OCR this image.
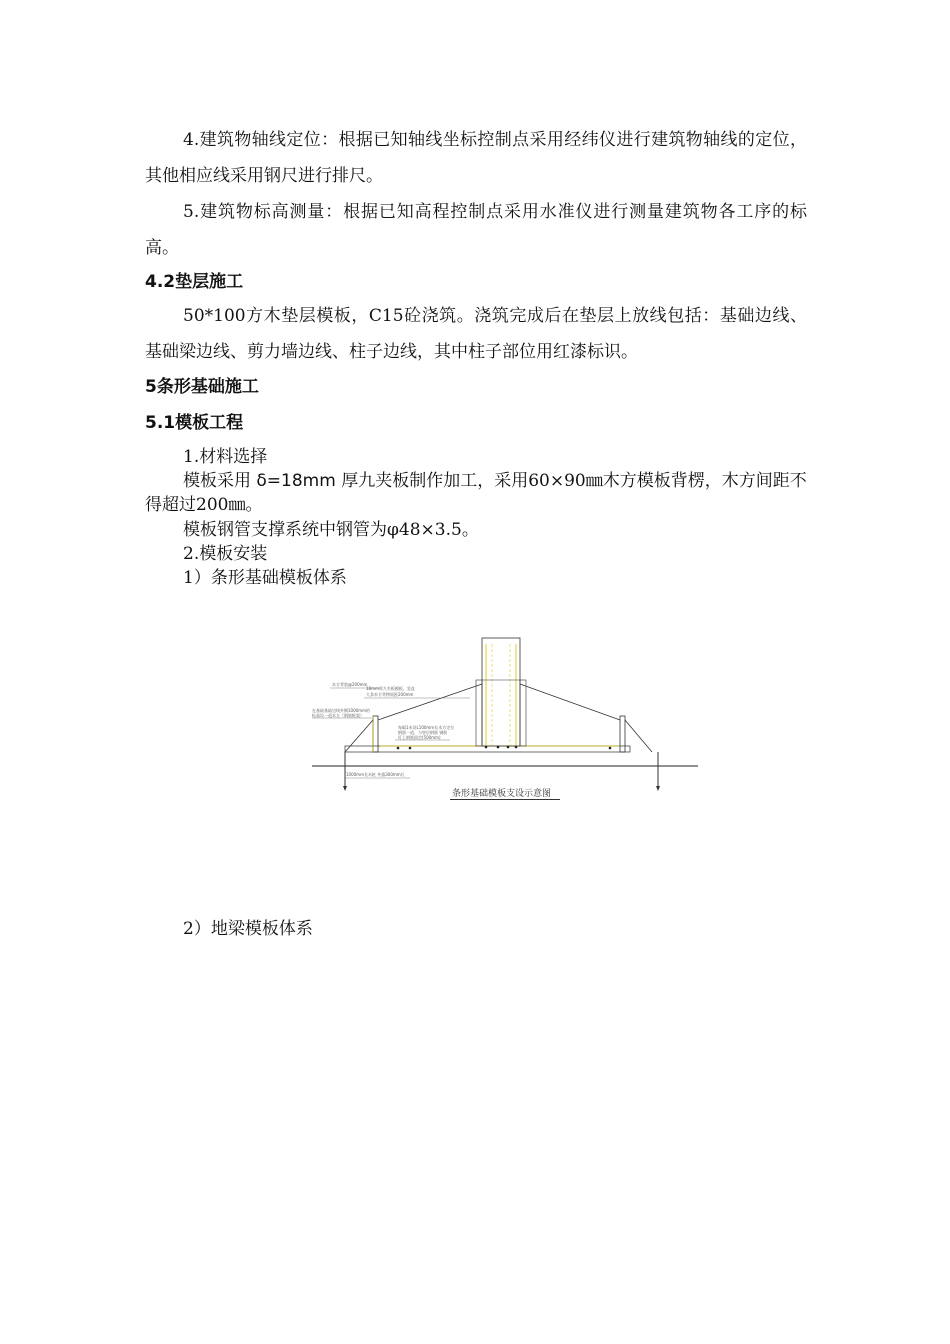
4.建筑物轴线定位：根据已知轴线坐标控制点采用经纬仪进行建筑物轴线的定位，其他相应线采用钢尺进行排尺。

5.建筑物标高测量：根据已知高程控制点采用水准仪进行测量建筑物各工序的标高。

4.2垫层施工

50*100方木垫层模板，C15砼浇筑。浇筑完成后在垫层上放线包括：基础边线、基础梁边线、剪力墙边线、柱子边线，其中柱子部位用红漆标识。

5条形基础施工
5.1模板工程

1.材料选择

模板采用 δ=18mm 厚九夹板制作加工，采用60×90㎜木方模板背楞，木方间距不得超过200㎜。

模板钢管支撑系统中钢管为φ48×3.5。

2.模板安装

1）条形基础模板体系

木方背肋@200mm
在基础基础边线外侧1000mm的
标高设一道木方（钢筋框架）
18mm厚九夹板模板，竖直
大条木方背楞间距200mm
每隔1米设L100mm长木方定位
钢筋一道，与垫层钢筋 钢筋
钉上钢筋固定(500mm)
1000mm长木桩 外露300mm长
条形基础模板支设示意图

2）地梁模板体系
